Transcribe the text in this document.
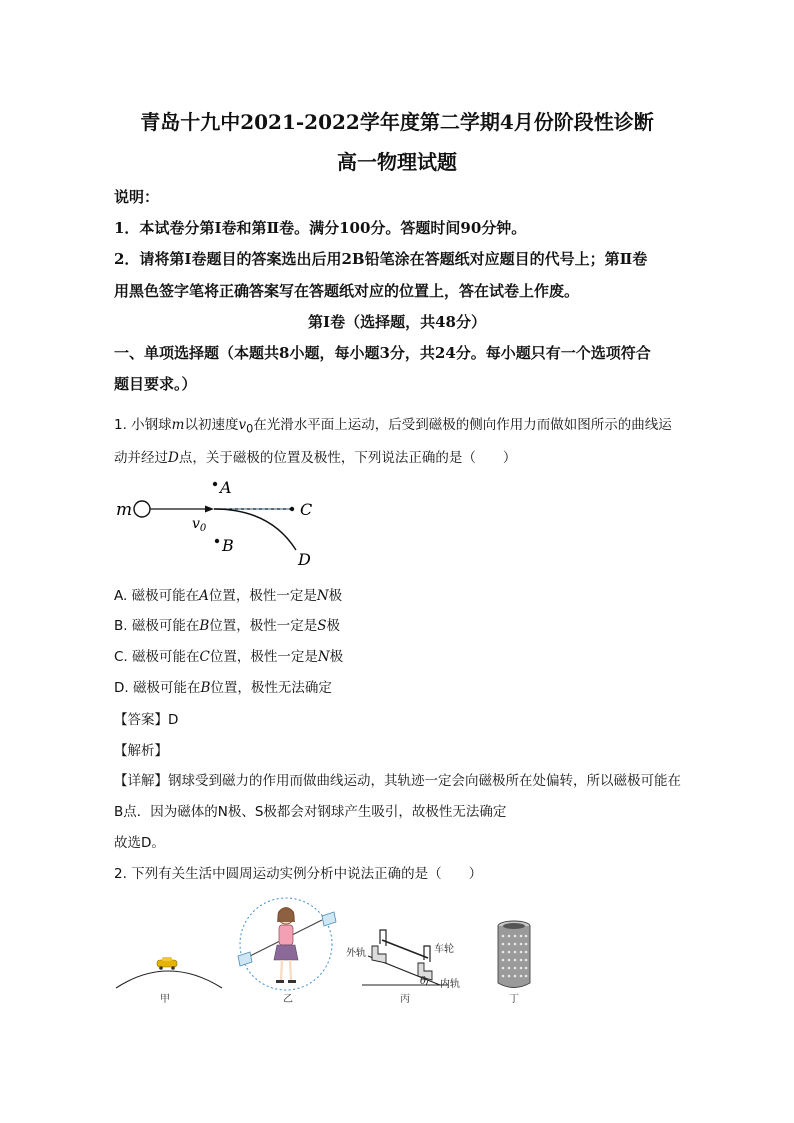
青岛十九中2021-2022学年度第二学期4月份阶段性诊断
高一物理试题
说明：
1．本试卷分第Ⅰ卷和第Ⅱ卷。满分100分。答题时间90分钟。
2．请将第Ⅰ卷题目的答案选出后用2B铅笔涂在答题纸对应题目的代号上；第Ⅱ卷
用黑色签字笔将正确答案写在答题纸对应的位置上，答在试卷上作废。
第Ⅰ卷（选择题，共48分）
一、单项选择题（本题共8小题，每小题3分，共24分。每小题只有一个选项符合
题目要求。）
1. 小钢球m以初速度$v_0$在光滑水平面上运动，后受到磁极的侧向作用力而做如图所示的曲线运
动并经过D点，关于磁极的位置及极性，下列说法正确的是（　　）
m
$v_0$
A
C
B
D
A. 磁极可能在A位置，极性一定是N极
B. 磁极可能在B位置，极性一定是S极
C. 磁极可能在C位置，极性一定是N极
D. 磁极可能在B位置，极性无法确定
【答案】D
【解析】
【详解】钢球受到磁力的作用而做曲线运动，其轨迹一定会向磁极所在处偏转，所以磁极可能在
B点．因为磁体的N极、S极都会对钢球产生吸引，故极性无法确定
故选D。
2. 下列有关生活中圆周运动实例分析中说法正确的是（　　）
甲	乙
外轨	车轮
内轨
θ
丙	丁
